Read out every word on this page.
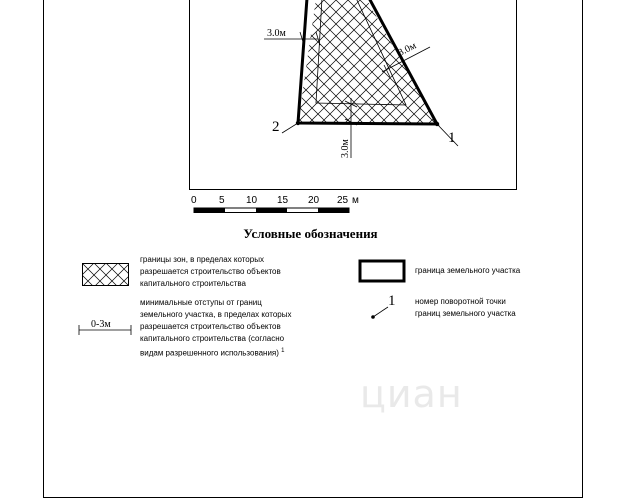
1
2
3.0м
3.0м
3.0м
0 5 10 15 20 25 м

Условные обозначения

границы зон, в пределах которых
разрешается строительство объектов
капитального строительства
0-3м
минимальные отступы от границ
земельного участка, в пределах которых
разрешается строительство объектов
капитального строительства (согласно
видам разрешенного использования) $^1$
граница земельного участка
1 номер поворотной точки
границ земельного участка
циан
